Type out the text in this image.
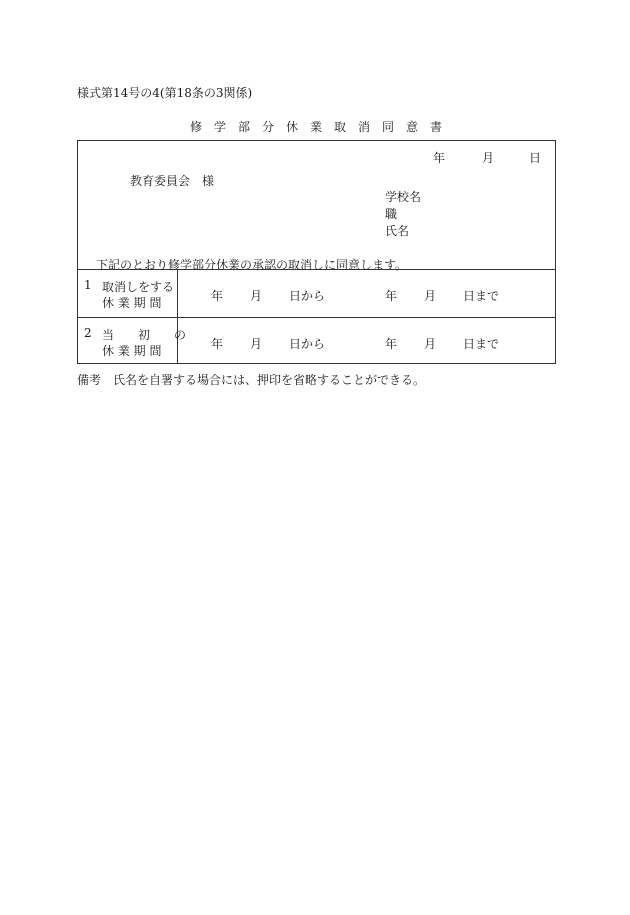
様式第14号の4(第18条の3関係)
修 学 部 分 休 業 取 消 同 意 書
年	月	日
教育委員会　様
学校名
職
氏名
下記のとおり修学部分休業の承認の取消しに同意します。
1 取消しをする
休 業 期 間	年 月 日から	年 月 日まで
2 当　　初　　の
休 業 期 間	年 月 日から	年 月 日まで
備考 氏名を自署する場合には、押印を省略することができる。
